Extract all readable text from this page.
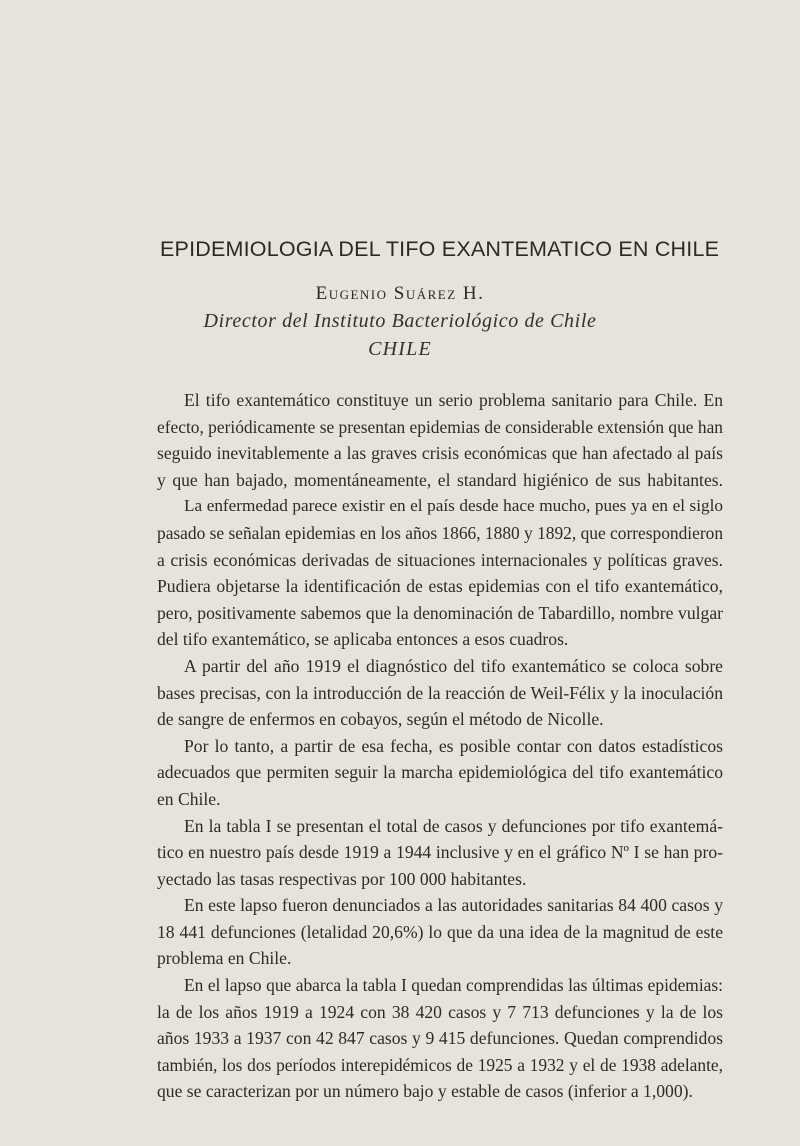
EPIDEMIOLOGIA DEL TIFO EXANTEMATICO EN CHILE
Eugenio Suárez H.
Director del Instituto Bacteriológico de Chile
CHILE
El tifo exantemático constituye un serio problema sanitario para Chile. En
efecto, periódicamente se presentan epidemias de considerable extensión que han
seguido inevitablemente a las graves crisis económicas que han afectado al país
y que han bajado, momentáneamente, el standard higiénico de sus habitantes.
La enfermedad parece existir en el país desde hace mucho, pues ya en el siglo
pasado se señalan epidemias en los años 1866, 1880 y 1892, que correspondieron
a crisis económicas derivadas de situaciones internacionales y políticas graves.
Pudiera objetarse la identificación de estas epidemias con el tifo exantemático,
pero, positivamente sabemos que la denominación de Tabardillo, nombre vulgar
del tifo exantemático, se aplicaba entonces a esos cuadros.
A partir del año 1919 el diagnóstico del tifo exantemático se coloca sobre
bases precisas, con la introducción de la reacción de Weil-Félix y la inoculación
de sangre de enfermos en cobayos, según el método de Nicolle.
Por lo tanto, a partir de esa fecha, es posible contar con datos estadísticos
adecuados que permiten seguir la marcha epidemiológica del tifo exantemático
en Chile.
En la tabla I se presentan el total de casos y defunciones por tifo exantemá-
tico en nuestro país desde 1919 a 1944 inclusive y en el gráfico Nº I se han pro-
yectado las tasas respectivas por 100 000 habitantes.
En este lapso fueron denunciados a las autoridades sanitarias 84 400 casos y
18 441 defunciones (letalidad 20,6%) lo que da una idea de la magnitud de este
problema en Chile.
En el lapso que abarca la tabla I quedan comprendidas las últimas epidemias:
la de los años 1919 a 1924 con 38 420 casos y 7 713 defunciones y la de los
años 1933 a 1937 con 42 847 casos y 9 415 defunciones. Quedan comprendidos
también, los dos períodos interepidémicos de 1925 a 1932 y el de 1938 adelante,
que se caracterizan por un número bajo y estable de casos (inferior a 1,000).
